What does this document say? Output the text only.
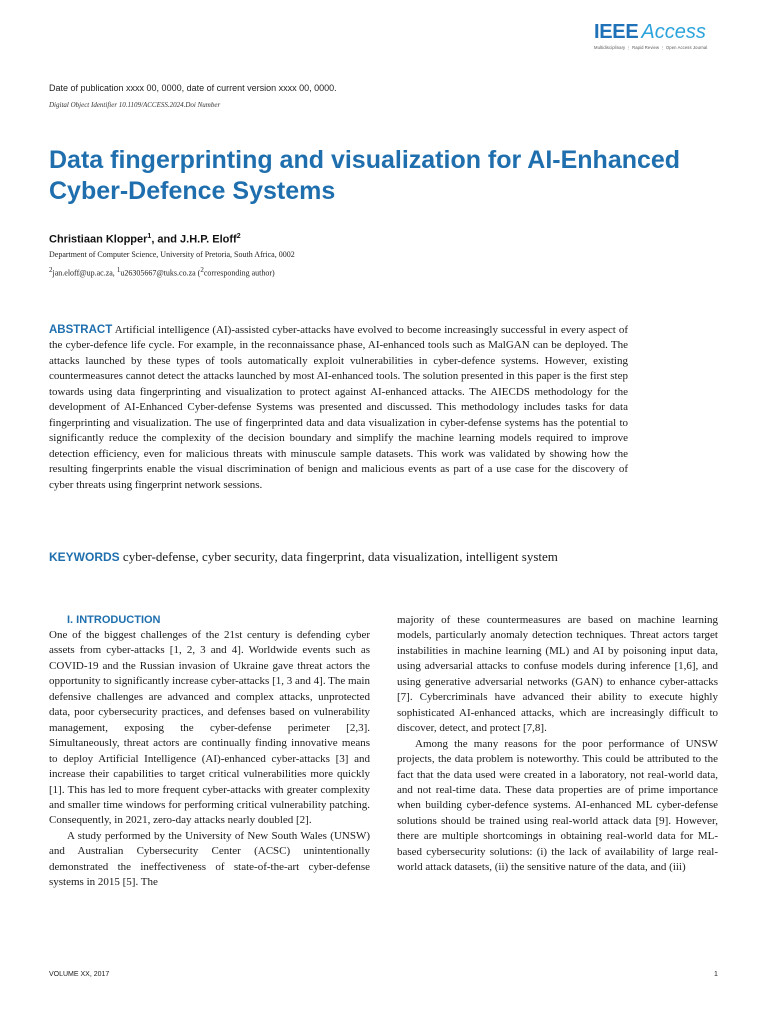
IEEE Access
Multidisciplinary ⋮ Rapid Review ⋮ Open Access Journal
Date of publication xxxx 00, 0000, date of current version xxxx 00, 0000.
Digital Object Identifier 10.1109/ACCESS.2024.Doi Number
Data fingerprinting and visualization for AI-Enhanced Cyber-Defence Systems
Christiaan Klopper$^1$, and J.H.P. Eloff$^2$
Department of Computer Science, University of Pretoria, South Africa, 0002
$^2$jan.eloff@up.ac.za, $^1$u26305667@tuks.co.za ($^2$corresponding author)

ABSTRACT Artificial intelligence (AI)-assisted cyber-attacks have evolved to become increasingly successful in every aspect of the cyber-defence life cycle. For example, in the reconnaissance phase, AI-enhanced tools such as MalGAN can be deployed. The attacks launched by these types of tools automatically exploit vulnerabilities in cyber-defence systems. However, existing countermeasures cannot detect the attacks launched by most AI-enhanced tools. The solution presented in this paper is the first step towards using data fingerprinting and visualization to protect against AI-enhanced attacks. The AIECDS methodology for the development of AI-Enhanced Cyber-defense Systems was presented and discussed. This methodology includes tasks for data fingerprinting and visualization. The use of fingerprinted data and data visualization in cyber-defense systems has the potential to significantly reduce the complexity of the decision boundary and simplify the machine learning models required to improve detection efficiency, even for malicious threats with minuscule sample datasets. This work was validated by showing how the resulting fingerprints enable the visual discrimination of benign and malicious events as part of a use case for the discovery of cyber threats using fingerprint network sessions.

KEYWORDS cyber-defense, cyber security, data fingerprint, data visualization, intelligent system
I. INTRODUCTION

One of the biggest challenges of the 21st century is defending cyber assets from cyber-attacks [1, 2, 3 and 4]. Worldwide events such as COVID-19 and the Russian invasion of Ukraine gave threat actors the opportunity to significantly increase cyber-attacks [1, 3 and 4]. The main defensive challenges are advanced and complex attacks, unprotected data, poor cybersecurity practices, and defenses based on vulnerability management, exposing the cyber-defense perimeter [2,3]. Simultaneously, threat actors are continually finding innovative means to deploy Artificial Intelligence (AI)-enhanced cyber-attacks [3] and increase their capabilities to target critical vulnerabilities more quickly [1]. This has led to more frequent cyber-attacks with greater complexity and smaller time windows for performing critical vulnerability patching. Consequently, in 2021, zero-day attacks nearly doubled [2].

A study performed by the University of New South Wales (UNSW) and Australian Cybersecurity Center (ACSC) unintentionally demonstrated the ineffectiveness of state-of-the-art cyber-defense systems in 2015 [5]. The

majority of these countermeasures are based on machine learning models, particularly anomaly detection techniques. Threat actors target instabilities in machine learning (ML) and AI by poisoning input data, using adversarial attacks to confuse models during inference [1,6], and using generative adversarial networks (GAN) to enhance cyber-attacks [7]. Cybercriminals have advanced their ability to execute highly sophisticated AI-enhanced attacks, which are increasingly difficult to discover, detect, and protect [7,8].

Among the many reasons for the poor performance of UNSW projects, the data problem is noteworthy. This could be attributed to the fact that the data used were created in a laboratory, not real-world data, and not real-time data. These data properties are of prime importance when building cyber-defence systems. AI-enhanced ML cyber-defense solutions should be trained using real-world attack data [9]. However, there are multiple shortcomings in obtaining real-world data for ML-based cybersecurity solutions: (i) the lack of availability of large real-world attack datasets, (ii) the sensitive nature of the data, and (iii)

VOLUME XX, 2017	1
